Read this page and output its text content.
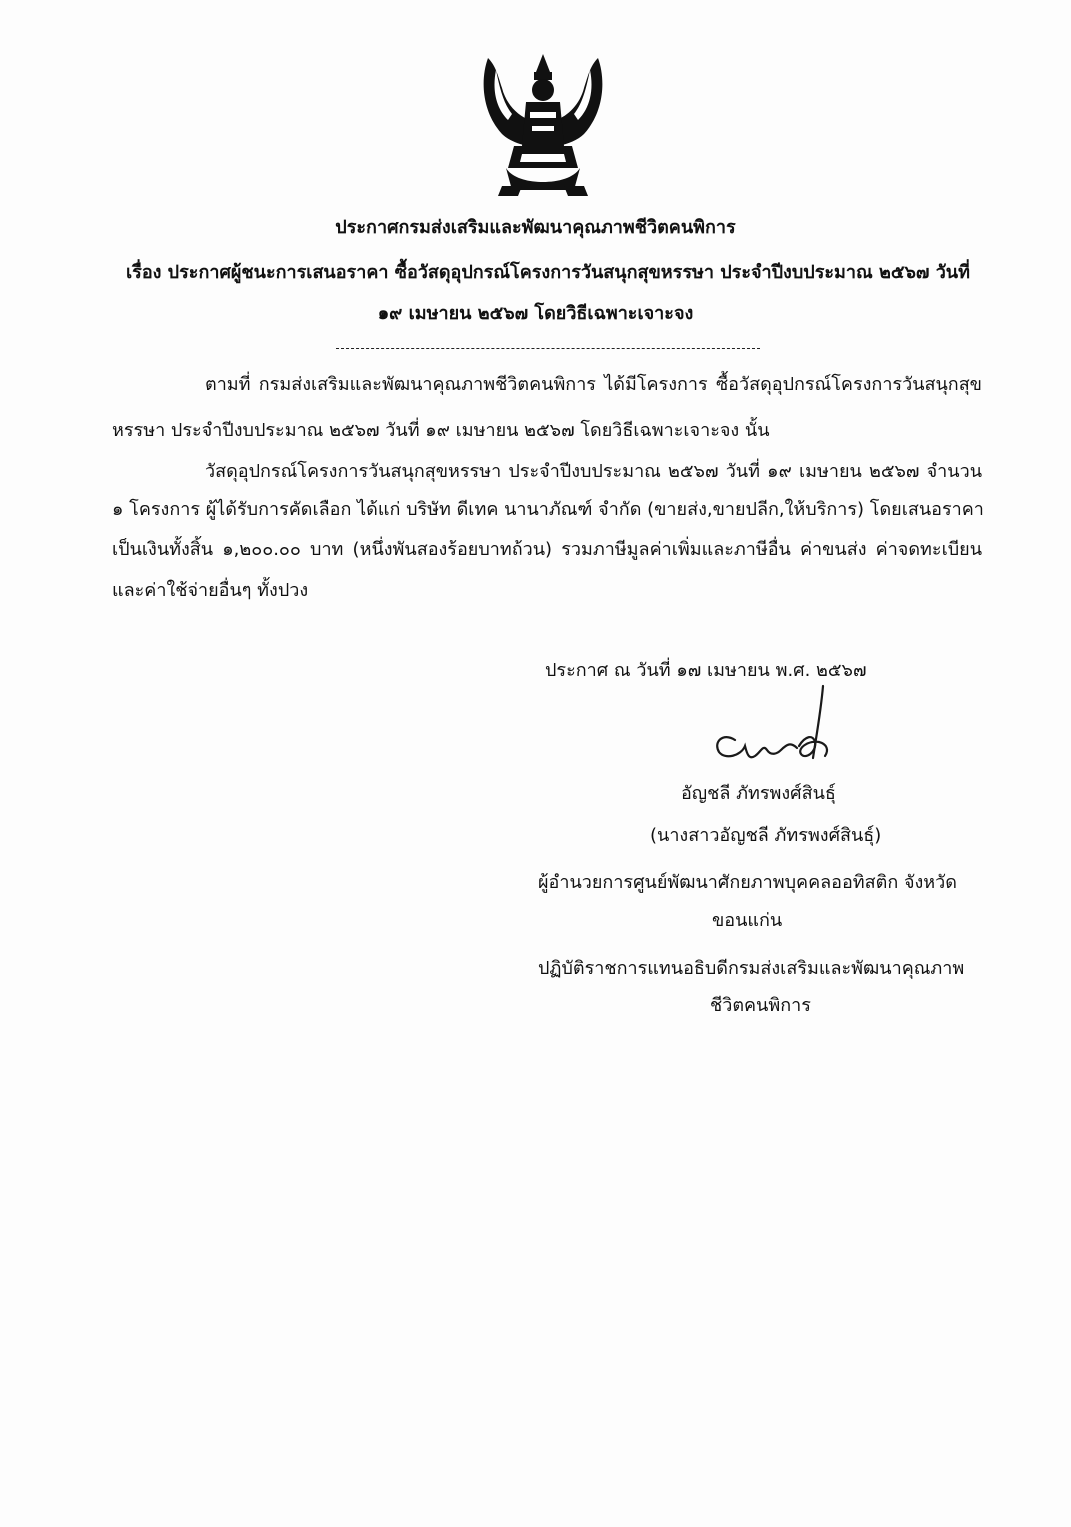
ประกาศกรมส่งเสริมและพัฒนาคุณภาพชีวิตคนพิการ
เรื่อง ประกาศผู้ชนะการเสนอราคา ซื้อวัสดุอุปกรณ์โครงการวันสนุกสุขหรรษา ประจำปีงบประมาณ ๒๕๖๗ วันที่
๑๙ เมษายน ๒๕๖๗ โดยวิธีเฉพาะเจาะจง
ตามที่ กรมส่งเสริมและพัฒนาคุณภาพชีวิตคนพิการ ได้มีโครงการ ซื้อวัสดุอุปกรณ์โครงการวันสนุกสุข
หรรษา ประจำปีงบประมาณ ๒๕๖๗ วันที่ ๑๙ เมษายน ๒๕๖๗ โดยวิธีเฉพาะเจาะจง นั้น
วัสดุอุปกรณ์โครงการวันสนุกสุขหรรษา ประจำปีงบประมาณ ๒๕๖๗ วันที่ ๑๙ เมษายน ๒๕๖๗ จำนวน
๑ โครงการ ผู้ได้รับการคัดเลือก ได้แก่ บริษัท ดีเทค นานาภัณฑ์ จำกัด (ขายส่ง,ขายปลีก,ให้บริการ) โดยเสนอราคา
เป็นเงินทั้งสิ้น ๑,๒๐๐.๐๐ บาท (หนึ่งพันสองร้อยบาทถ้วน) รวมภาษีมูลค่าเพิ่มและภาษีอื่น ค่าขนส่ง ค่าจดทะเบียน
และค่าใช้จ่ายอื่นๆ ทั้งปวง
ประกาศ ณ วันที่ ๑๗ เมษายน พ.ศ. ๒๕๖๗
อัญชลี ภัทรพงศ์สินธุ์
(นางสาวอัญชลี ภัทรพงศ์สินธุ์)
ผู้อำนวยการศูนย์พัฒนาศักยภาพบุคคลออทิสติก จังหวัด
ขอนแก่น
ปฏิบัติราชการแทนอธิบดีกรมส่งเสริมและพัฒนาคุณภาพ
ชีวิตคนพิการ
